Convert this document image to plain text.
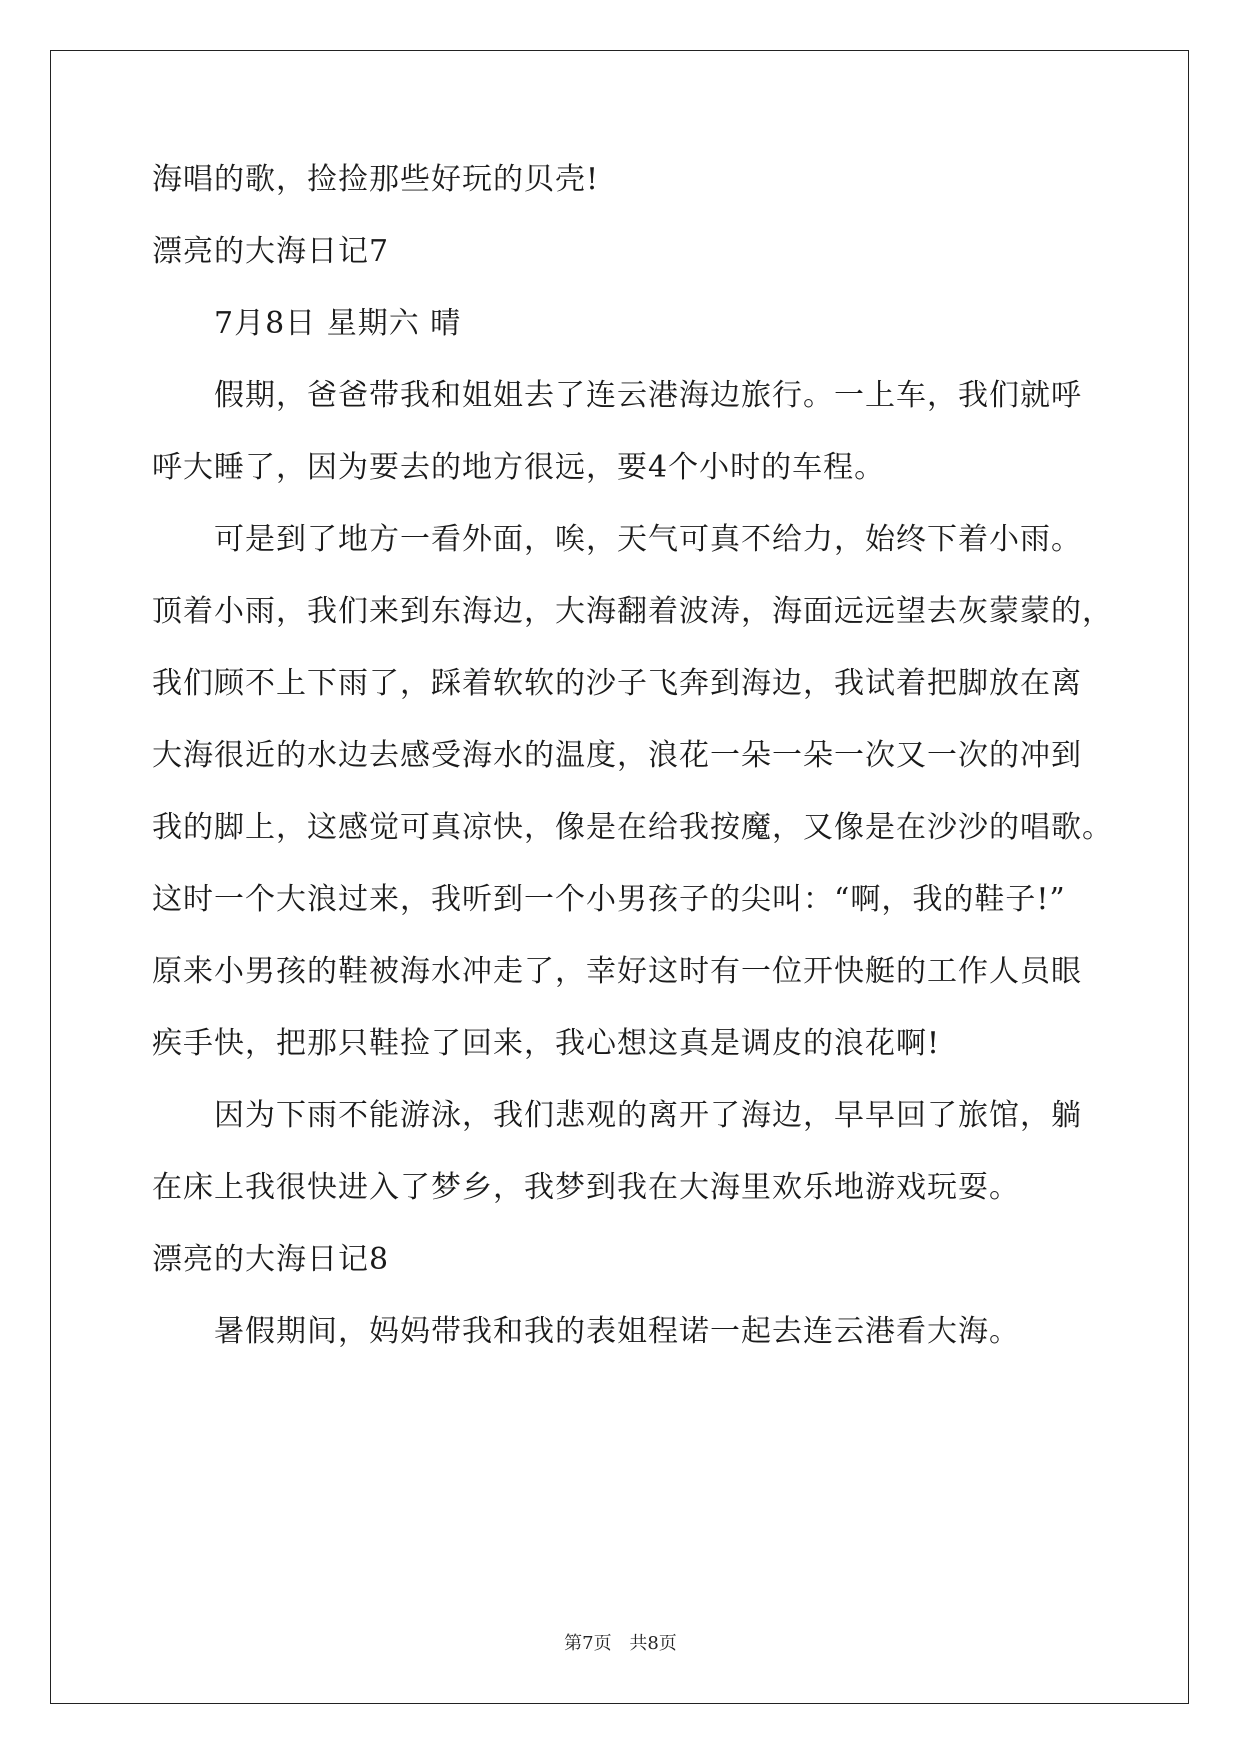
海唱的歌，捡捡那些好玩的贝壳!
漂亮的大海日记7
7月8日 星期六 晴
假期，爸爸带我和姐姐去了连云港海边旅行。一上车，我们就呼
呼大睡了，因为要去的地方很远，要4个小时的车程。
可是到了地方一看外面，唉，天气可真不给力，始终下着小雨。
顶着小雨，我们来到东海边，大海翻着波涛，海面远远望去灰蒙蒙的，
我们顾不上下雨了，踩着软软的沙子飞奔到海边，我试着把脚放在离
大海很近的水边去感受海水的温度，浪花一朵一朵一次又一次的冲到
我的脚上，这感觉可真凉快，像是在给我按魔，又像是在沙沙的唱歌。
这时一个大浪过来，我听到一个小男孩子的尖叫：“啊，我的鞋子!”
原来小男孩的鞋被海水冲走了，幸好这时有一位开快艇的工作人员眼
疾手快，把那只鞋捡了回来，我心想这真是调皮的浪花啊!
因为下雨不能游泳，我们悲观的离开了海边，早早回了旅馆，躺
在床上我很快进入了梦乡，我梦到我在大海里欢乐地游戏玩耍。
漂亮的大海日记8
暑假期间，妈妈带我和我的表姐程诺一起去连云港看大海。
第7页 共8页
